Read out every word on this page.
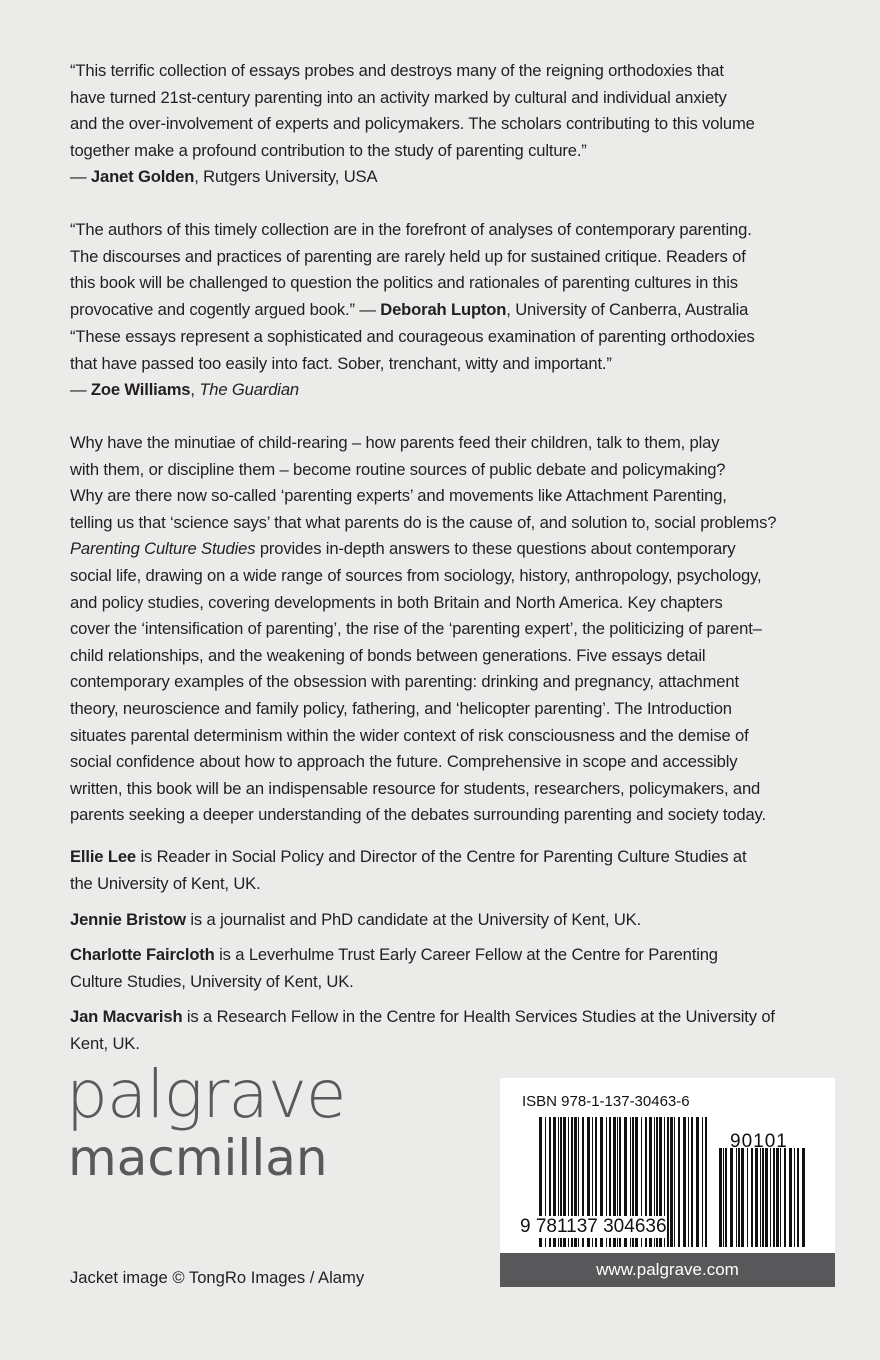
“This terrific collection of essays probes and destroys many of the reigning orthodoxies that
have turned 21st-century parenting into an activity marked by cultural and individual anxiety
and the over-involvement of experts and policymakers. The scholars contributing to this volume
together make a profound contribution to the study of parenting culture.”
— Janet Golden, Rutgers University, USA
“The authors of this timely collection are in the forefront of analyses of contemporary parenting.
The discourses and practices of parenting are rarely held up for sustained critique. Readers of
this book will be challenged to question the politics and rationales of parenting cultures in this
provocative and cogently argued book.” — Deborah Lupton, University of Canberra, Australia
“These essays represent a sophisticated and courageous examination of parenting orthodoxies
that have passed too easily into fact. Sober, trenchant, witty and important.”
— Zoe Williams, The Guardian
Why have the minutiae of child-rearing – how parents feed their children, talk to them, play
with them, or discipline them – become routine sources of public debate and policymaking?
Why are there now so-called ‘parenting experts’ and movements like Attachment Parenting,
telling us that ‘science says’ that what parents do is the cause of, and solution to, social problems?
Parenting Culture Studies provides in-depth answers to these questions about contemporary
social life, drawing on a wide range of sources from sociology, history, anthropology, psychology,
and policy studies, covering developments in both Britain and North America. Key chapters
cover the ‘intensification of parenting’, the rise of the ‘parenting expert’, the politicizing of parent–
child relationships, and the weakening of bonds between generations. Five essays detail
contemporary examples of the obsession with parenting: drinking and pregnancy, attachment
theory, neuroscience and family policy, fathering, and ‘helicopter parenting’. The Introduction
situates parental determinism within the wider context of risk consciousness and the demise of
social confidence about how to approach the future. Comprehensive in scope and accessibly
written, this book will be an indispensable resource for students, researchers, policymakers, and
parents seeking a deeper understanding of the debates surrounding parenting and society today.
Ellie Lee is Reader in Social Policy and Director of the Centre for Parenting Culture Studies at
the University of Kent, UK.
Jennie Bristow is a journalist and PhD candidate at the University of Kent, UK.
Charlotte Faircloth is a Leverhulme Trust Early Career Fellow at the Centre for Parenting
Culture Studies, University of Kent, UK.
Jan Macvarish is a Research Fellow in the Centre for Health Services Studies at the University of
Kent, UK.
palgrave
macmillan
Jacket image © TongRo Images / Alamy
ISBN 978-1-137-30463-6
90101
9 781137 304636
www.palgrave.com
